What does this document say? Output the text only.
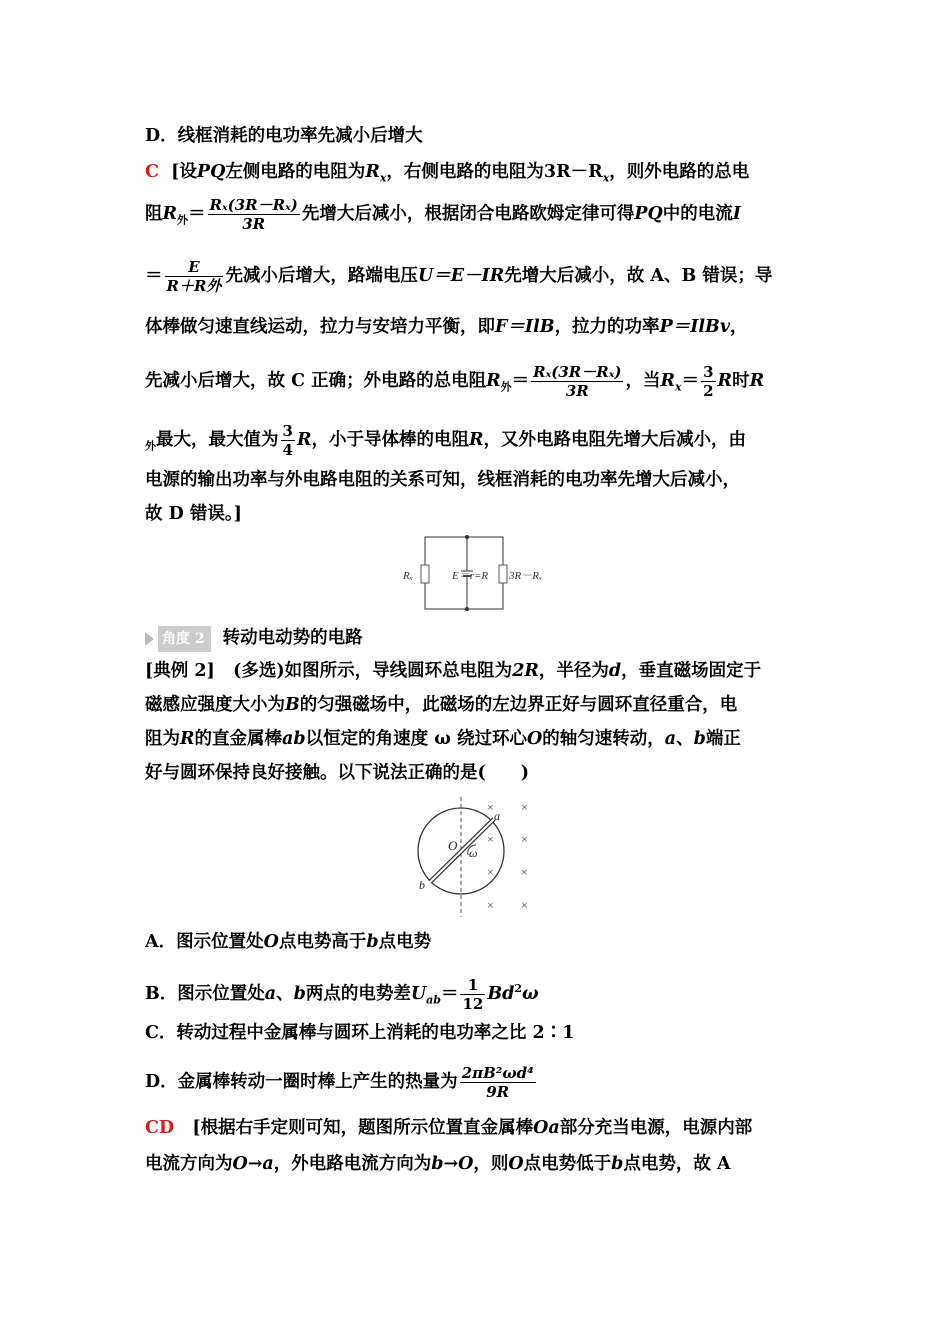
D．线框消耗的电功率先减小后增大
C [设PQ左侧电路的电阻为$R_x$，右侧电路的电阻为$3R-R_x$，则外电路的总电
阻$R_外= \frac{\text{Rₓ(3R－Rₓ)}}{3R}$ 先增大后减小，根据闭合电路欧姆定律可得PQ中的电流I
＝ $\frac{E}{\text{R＋R外}}$ 先减小后增大，路端电压U＝E－IR先增大后减小，故 A、B 错误；导
体棒做匀速直线运动，拉力与安培力平衡，即F＝IlB，拉力的功率P＝IlBv，
先减小后增大，故 C 正确；外电路的总电阻$R_外= \frac{\text{Rₓ(3R－Rₓ)}}{3R}$ ，当$R_x= \frac{3}{2}$ R时R
$_外$最大，最大值为 $\frac{3}{4}$ R，小于导体棒的电阻R，又外电路电阻先增大后减小，由
电源的输出功率与外电路电阻的关系可知，线框消耗的电功率先增大后减小，
故 D 错误。]
Rₓ	E＝r=R 3R－Rₓ
角度 2 转动电动势的电路
[典例 2] (多选)如图所示，导线圆环总电阻为2R，半径为d，垂直磁场固定于
磁感应强度大小为B的匀强磁场中，此磁场的左边界正好与圆环直径重合，电
阻为R的直金属棒ab以恒定的角速度 ω 绕过环心O的轴匀速转动，a、b端正
好与圆环保持良好接触。以下说法正确的是(　　)
O
a
b
ω
× ×
×
×
× ×
× ×
A．图示位置处O点电势高于b点电势
B．图示位置处a、b两点的电势差$U_{ab}= \frac{1}{12} Bd^2\omega$
C．转动过程中金属棒与圆环上消耗的电功率之比 2∶1
D．金属棒转动一圈时棒上产生的热量为 $\frac{\text{2πB²ωd⁴}}{9R}$
CD [根据右手定则可知，题图所示位置直金属棒Oa部分充当电源，电源内部
电流方向为O→a，外电路电流方向为b→O，则O点电势低于b点电势，故 A
